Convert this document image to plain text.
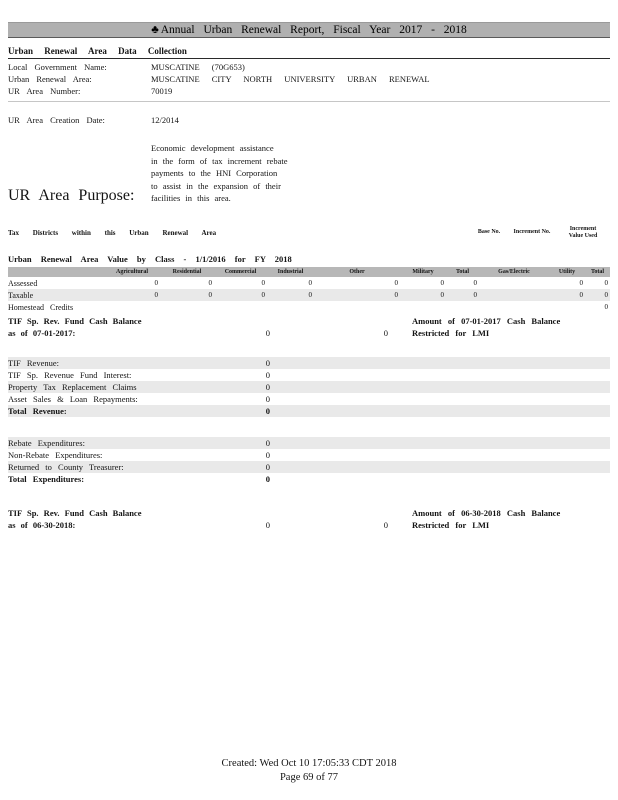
♣ Annual Urban Renewal Report, Fiscal Year 2017 - 2018
Urban Renewal Area Data Collection
Local Government Name:	MUSCATINE (70G653)
Urban Renewal Area:	MUSCATINE CITY NORTH UNIVERSITY URBAN RENEWAL
UR Area Number:	70019
UR Area Creation Date:	12/2014
UR Area Purpose:
Economic development assistance
in the form of tax increment rebate
payments to the HNI Corporation
to assist in the expansion of their
facilities in this area.
Tax Districts within this Urban Renewal Area	Base No.	Increment No.
Increment Value Used
Urban Renewal Area Value by Class - 1/1/2016 for FY 2018
	Agricultural	Residential	Commercial	Industrial	Other	Military	Total	Gas/Electric	Utility	Total
Assessed	0	0	0	0	0	0	0		0	0
Taxable	0	0	0	0	0	0	0		0	0
Homestead Credits										0
TIF Sp. Rev. Fund Cash Balance
as of 07-01-2017:	0	0
Amount of 07-01-2017 Cash Balance
Restricted for LMI
TIF Revenue:	0
TIF Sp. Revenue Fund Interest:	0
Property Tax Replacement Claims	0
Asset Sales & Loan Repayments:	0
Total Revenue:	0
Rebate Expenditures:	0
Non-Rebate Expenditures:	0
Returned to County Treasurer:	0
Total Expenditures:	0
TIF Sp. Rev. Fund Cash Balance
as of 06-30-2018:	0	0
Amount of 06-30-2018 Cash Balance
Restricted for LMI
Created: Wed Oct 10 17:05:33 CDT 2018
Page 69 of 77
